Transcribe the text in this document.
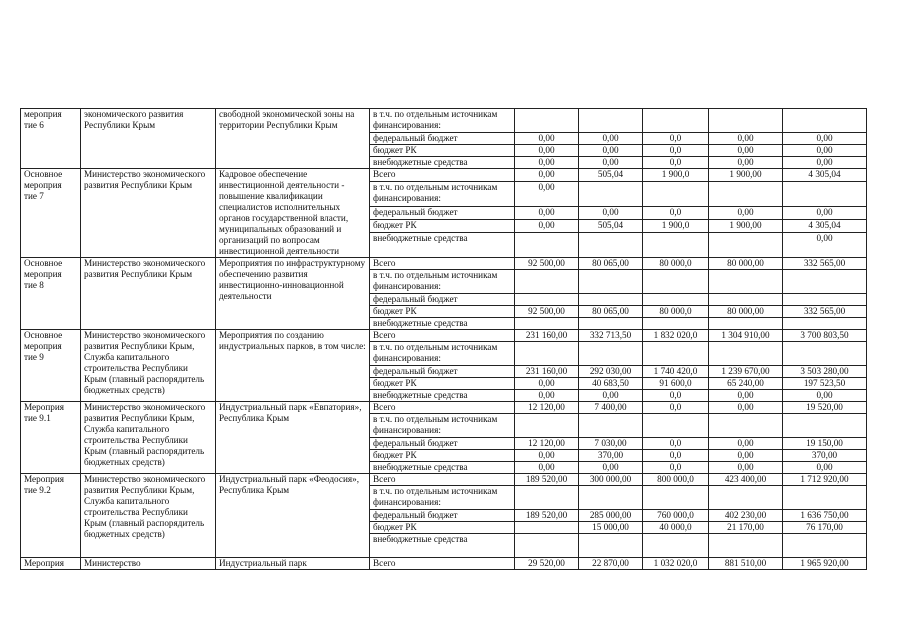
мероприя тие 6	экономического развития Республики Крым	свободной экономической зоны на территории Республики Крым	в т.ч. по отдельным источникам финансирования:					
			федеральный бюджет	0,00	0,00	0,0	0,00	0,00
			бюджет РК	0,00	0,00	0,0	0,00	0,00
			внебюджетные средства	0,00	0,00	0,0	0,00	0,00
Основное мероприя тие 7	Министерство экономического развития Республики Крым	Кадровое обеспечение инвестиционной деятельности - повышение квалификации специалистов исполнительных органов государственной власти, муниципальных образований и организаций по вопросам инвестиционной деятельности	Всего	0,00	505,04	1 900,0	1 900,00	4 305,04
			в т.ч. по отдельным источникам финансирования:	0,00				
			федеральный бюджет	0,00	0,00	0,0	0,00	0,00
			бюджет РК	0,00	505,04	1 900,0	1 900,00	4 305,04
			внебюджетные средства					0,00
Основное мероприя тие 8	Министерство экономического развития Республики Крым	Мероприятия по инфраструктурному обеспечению развития инвестиционно-инновационной деятельности	Всего	92 500,00	80 065,00	80 000,0	80 000,00	332 565,00
			в т.ч. по отдельным источникам финансирования:					
			федеральный бюджет					
			бюджет РК	92 500,00	80 065,00	80 000,0	80 000,00	332 565,00
			внебюджетные средства					
Основное мероприя тие 9	Министерство экономического развития Республики Крым, Служба капитального строительства Республики Крым (главный распорядитель бюджетных средств)	Мероприятия по созданию индустриальных парков, в том числе:	Всего	231 160,00	332 713,50	1 832 020,0	1 304 910,00	3 700 803,50
			в т.ч. по отдельным источникам финансирования:					
			федеральный бюджет	231 160,00	292 030,00	1 740 420,0	1 239 670,00	3 503 280,00
			бюджет РК	0,00	40 683,50	91 600,0	65 240,00	197 523,50
			внебюджетные средства	0,00	0,00	0,0	0,00	0,00
Мероприя тие 9.1	Министерство экономического развития Республики Крым, Служба капитального строительства Республики Крым (главный распорядитель бюджетных средств)	Индустриальный парк «Евпатория», Республика Крым	Всего	12 120,00	7 400,00	0,0	0,00	19 520,00
			в т.ч. по отдельным источникам финансирования:					
			федеральный бюджет	12 120,00	7 030,00	0,0	0,00	19 150,00
			бюджет РК	0,00	370,00	0,0	0,00	370,00
			внебюджетные средства	0,00	0,00	0,0	0,00	0,00
Мероприя тие 9.2	Министерство экономического развития Республики Крым, Служба капитального строительства Республики Крым (главный распорядитель бюджетных средств)	Индустриальный парк «Феодосия», Республика Крым	Всего	189 520,00	300 000,00	800 000,0	423 400,00	1 712 920,00
			в т.ч. по отдельным источникам финансирования:					
			федеральный бюджет	189 520,00	285 000,00	760 000,0	402 230,00	1 636 750,00
			бюджет РК		15 000,00	40 000,0	21 170,00	76 170,00
			внебюджетные средства					
Мероприя	Министерство	Индустриальный парк	Всего	29 520,00	22 870,00	1 032 020,0	881 510,00	1 965 920,00
